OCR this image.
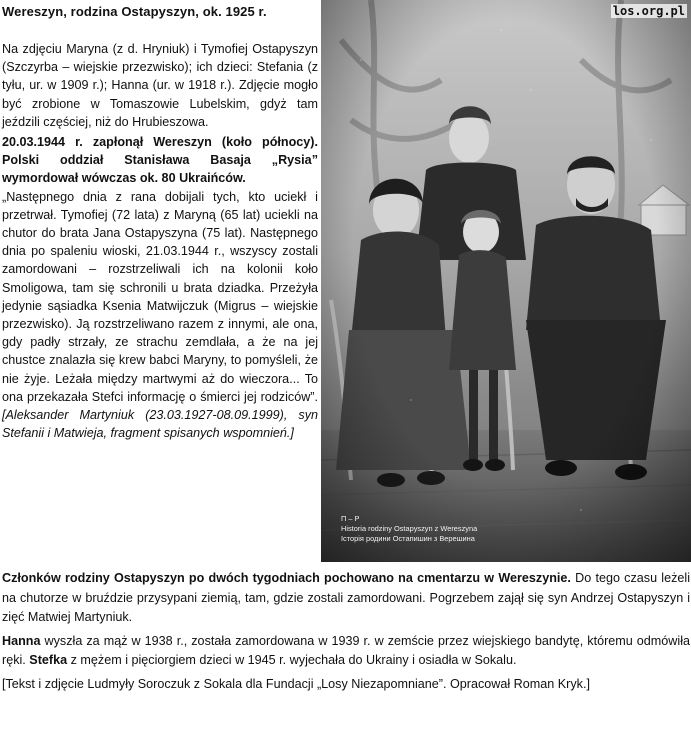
Wereszyn, rodzina Ostapyszyn, ok. 1925 r.

Na zdjęciu Maryna (z d. Hryniuk) i Tymofiej Ostapyszyn (Szczyrba – wiejskie przezwisko); ich dzieci: Stefania (z tyłu, ur. w 1909 r.); Hanna (ur. w 1918 r.). Zdjęcie mogło być zrobione w Tomaszowie Lubelskim, gdyż tam jeździli częściej, niż do Hrubieszowa.

20.03.1944 r. zapłonął Wereszyn (koło północy). Polski oddział Stanisława Basaja „Rysia” wymordował wówczas ok. 80 Ukraińców.

„Następnego dnia z rana dobijali tych, kto uciekł i przetrwał. Tymofiej (72 lata) z Maryną (65 lat) uciekli na chutor do brata Jana Ostapyszyna (75 lat). Następnego dnia po spaleniu wioski, 21.03.1944 r., wszyscy zostali zamordowani – rozstrzeliwali ich na kolonii koło Smoligowa, tam się schronili u brata dziadka. Przeżyła jedynie sąsiadka Ksenia Matwijczuk (Migrus – wiejskie przezwisko). Ją rozstrzeliwano razem z innymi, ale ona, gdy padły strzały, ze strachu zemdlała, a że na jej chustce znalazła się krew babci Maryny, to pomyśleli, że nie żyje. Leżała między martwymi aż do wieczora... To ona przekazała Stefci informację o śmierci jej rodziców”. [Aleksander Martyniuk (23.03.1927-08.09.1999), syn Stefanii i Matwieja, fragment spisanych wspomnień.]

los.org.pl
П – Р
Historia rodziny Ostapyszyn z Wereszyna
Історія родини Остапишин з Верешина

Członków rodziny Ostapyszyn po dwóch tygodniach pochowano na cmentarzu w Wereszynie. Do tego czasu leżeli na chutorze w bruździe przysypani ziemią, tam, gdzie zostali zamordowani. Pogrzebem zajął się syn Andrzej Ostapyszyn i zięć Matwiej Martyniuk.

Hanna wyszła za mąż w 1938 r., została zamordowana w 1939 r. w zemście przez wiejskiego bandytę, któremu odmówiła ręki. Stefka z mężem i pięciorgiem dzieci w 1945 r. wyjechała do Ukrainy i osiadła w Sokalu.

[Tekst i zdjęcie Ludmyły Soroczuk z Sokala dla Fundacji „Losy Niezapomniane”. Opracował Roman Kryk.]
